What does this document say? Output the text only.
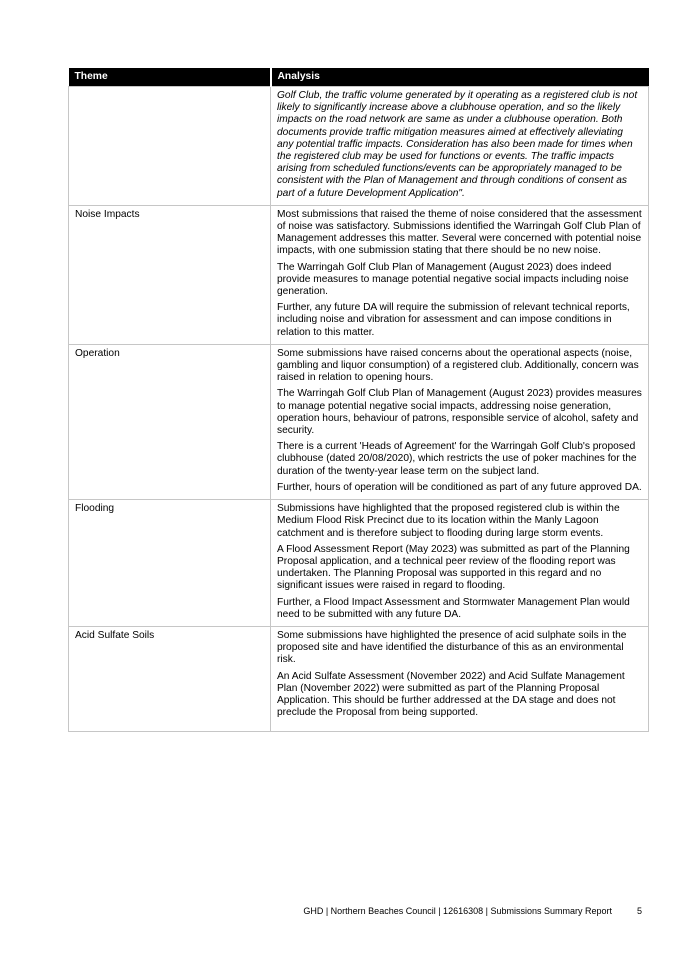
Theme	Analysis

	Golf Club, the traffic volume generated by it operating as a registered club is not likely to significantly increase above a clubhouse operation, and so the likely impacts on the road network are same as under a clubhouse operation. Both documents provide traffic mitigation measures aimed at effectively alleviating any potential traffic impacts. Consideration has also been made for times when the registered club may be used for functions or events. The traffic impacts arising from scheduled functions/events can be appropriately managed to be consistent with the Plan of Management and through conditions of consent as part of a future Development Application".

Noise Impacts	Most submissions that raised the theme of noise considered that the assessment of noise was satisfactory. Submissions identified the Warringah Golf Club Plan of Management addresses this matter. Several were concerned with potential noise impacts, with one submission stating that there should be no new noise.

The Warringah Golf Club Plan of Management (August 2023) does indeed provide measures to manage potential negative social impacts including noise generation.

Further, any future DA will require the submission of relevant technical reports, including noise and vibration for assessment and can impose conditions in relation to this matter.

Operation	Some submissions have raised concerns about the operational aspects (noise, gambling and liquor consumption) of a registered club. Additionally, concern was raised in relation to opening hours.

The Warringah Golf Club Plan of Management (August 2023) provides measures to manage potential negative social impacts, addressing noise generation, operation hours, behaviour of patrons, responsible service of alcohol, safety and security.

There is a current 'Heads of Agreement' for the Warringah Golf Club's proposed clubhouse (dated 20/08/2020), which restricts the use of poker machines for the duration of the twenty-year lease term on the subject land.

Further, hours of operation will be conditioned as part of any future approved DA.

Flooding	Submissions have highlighted that the proposed registered club is within the Medium Flood Risk Precinct due to its location within the Manly Lagoon catchment and is therefore subject to flooding during large storm events.

A Flood Assessment Report (May 2023) was submitted as part of the Planning Proposal application, and a technical peer review of the flooding report was undertaken. The Planning Proposal was supported in this regard and no significant issues were raised in regard to flooding.

Further, a Flood Impact Assessment and Stormwater Management Plan would need to be submitted with any future DA.

Acid Sulfate Soils	Some submissions have highlighted the presence of acid sulphate soils in the proposed site and have identified the disturbance of this as an environmental risk.

An Acid Sulfate Assessment (November 2022) and Acid Sulfate Management Plan (November 2022) were submitted as part of the Planning Proposal Application. This should be further addressed at the DA stage and does not preclude the Proposal from being supported.

GHD | Northern Beaches Council | 12616308 | Submissions Summary Report	5
